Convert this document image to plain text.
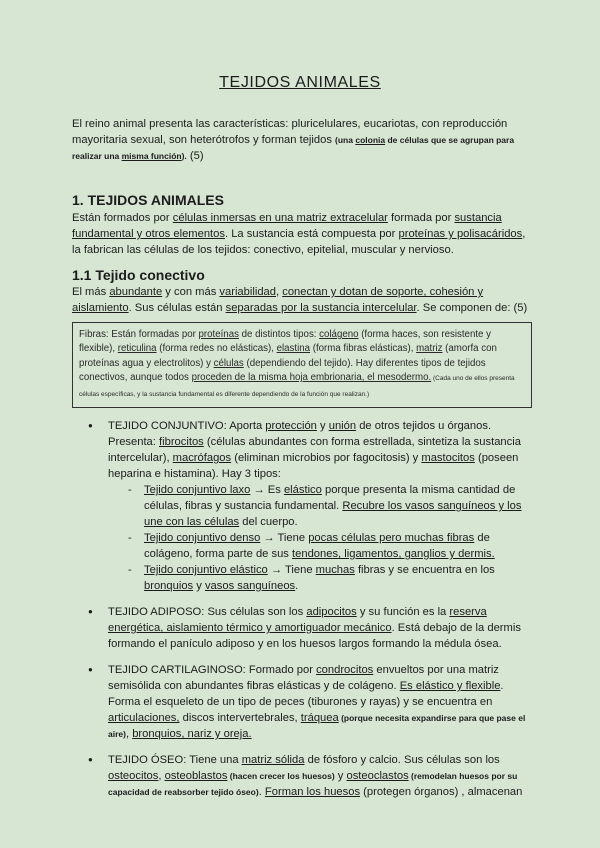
TEJIDOS ANIMALES

El reino animal presenta las características: pluricelulares, eucariotas, con reproducción mayoritaria sexual, son heterótrofos y forman tejidos (una colonia de células que se agrupan para realizar una misma función). (5)

1. TEJIDOS ANIMALES

Están formados por células inmersas en una matriz extracelular formada por sustancia fundamental y otros elementos. La sustancia está compuesta por proteínas y polisacáridos, la fabrican las células de los tejidos: conectivo, epitelial, muscular y nervioso.

1.1 Tejido conectivo

El más abundante y con más variabilidad, conectan y dotan de soporte, cohesión y aislamiento. Sus células están separadas por la sustancia intercelular. Se componen de: (5)

Fibras: Están formadas por proteínas de distintos tipos: colágeno (forma haces, son resistente y flexible), reticulina (forma redes no elásticas), elastina (forma fibras elásticas), matriz (amorfa con proteínas agua y electrolitos) y células (dependiendo del tejido). Hay diferentes tipos de tejidos conectivos, aunque todos proceden de la misma hoja embrionaria, el mesodermo. (Cada uno de ellos presenta células específicas, y la sustancia fundamental es diferente dependiendo de la función que realizan.)
● TEJIDO CONJUNTIVO: Aporta protección y unión de otros tejidos u órganos. Presenta: fibrocitos (células abundantes con forma estrellada, sintetiza la sustancia intercelular), macrófagos (eliminan microbios por fagocitosis) y mastocitos (poseen heparina e histamina). Hay 3 tipos:
- Tejido conjuntivo laxo → Es elástico porque presenta la misma cantidad de células, fibras y sustancia fundamental. Recubre los vasos sanguíneos y los une con las células del cuerpo.
- Tejido conjuntivo denso → Tiene pocas células pero muchas fibras de colágeno, forma parte de sus tendones, ligamentos, ganglios y dermis.
- Tejido conjuntivo elástico → Tiene muchas fibras y se encuentra en los bronquios y vasos sanguíneos.
● TEJIDO ADIPOSO: Sus células son los adipocitos y su función es la reserva energética, aislamiento térmico y amortiguador mecánico. Está debajo de la dermis formando el panículo adiposo y en los huesos largos formando la médula ósea.
● TEJIDO CARTILAGINOSO: Formado por condrocitos envueltos por una matriz semisólida con abundantes fibras elásticas y de colágeno. Es elástico y flexible. Forma el esqueleto de un tipo de peces (tiburones y rayas) y se encuentra en articulaciones, discos intervertebrales, tráquea (porque necesita expandirse para que pase el aire), bronquios, nariz y oreja.
● TEJIDO ÓSEO: Tiene una matriz sólida de fósforo y calcio. Sus células son los osteocitos, osteoblastos (hacen crecer los huesos) y osteoclastos (remodelan huesos por su capacidad de reabsorber tejido óseo). Forman los huesos (protegen órganos) , almacenan
